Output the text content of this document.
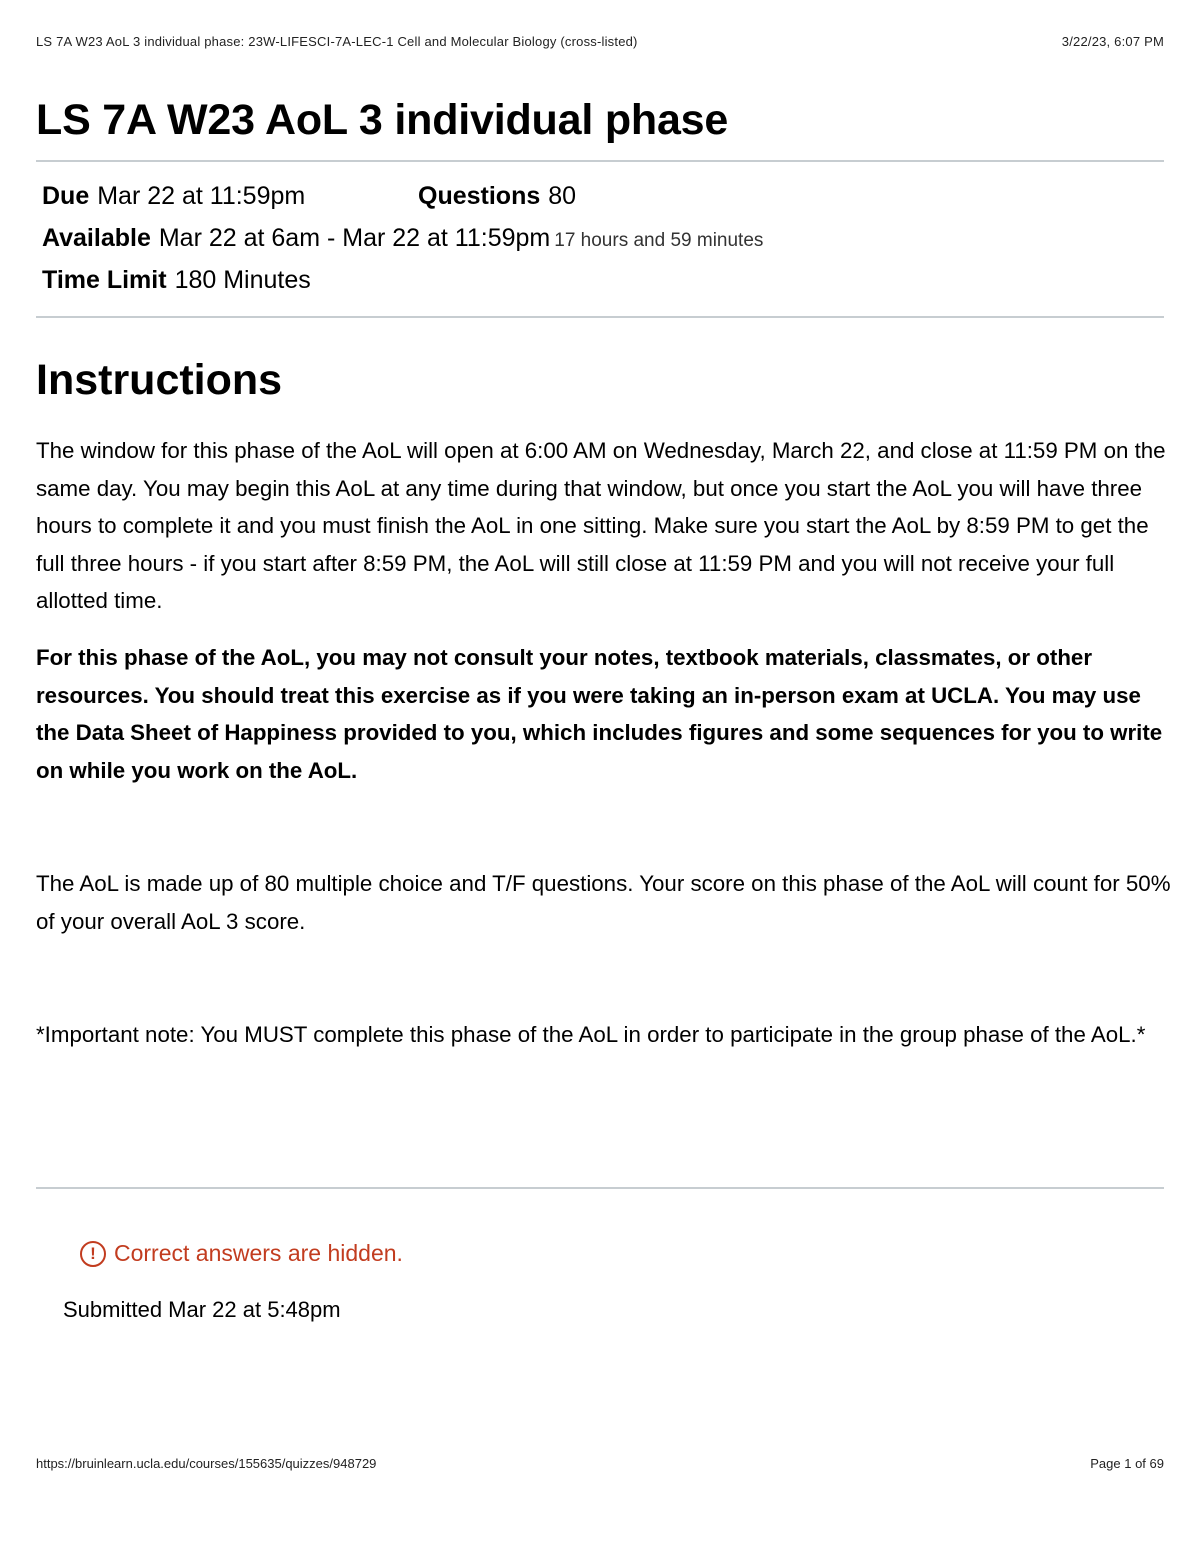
LS 7A W23 AoL 3 individual phase: 23W-LIFESCI-7A-LEC-1 Cell and Molecular Biology (cross-listed)	3/22/23, 6:07 PM
LS 7A W23 AoL 3 individual phase
Due Mar 22 at 11:59pm	Questions 80
Available Mar 22 at 6am - Mar 22 at 11:59pm 17 hours and 59 minutes
Time Limit 180 Minutes
Instructions

The window for this phase of the AoL will open at 6:00 AM on Wednesday, March 22, and close at 11:59 PM on the same day. You may begin this AoL at any time during that window, but once you start the AoL you will have three hours to complete it and you must finish the AoL in one sitting. Make sure you start the AoL by 8:59 PM to get the full three hours - if you start after 8:59 PM, the AoL will still close at 11:59 PM and you will not receive your full allotted time.

For this phase of the AoL, you may not consult your notes, textbook materials, classmates, or other resources. You should treat this exercise as if you were taking an in-person exam at UCLA. You may use the Data Sheet of Happiness provided to you, which includes figures and some sequences for you to write on while you work on the AoL.

The AoL is made up of 80 multiple choice and T/F questions. Your score on this phase of the AoL will count for 50% of your overall AoL 3 score.

*Important note: You MUST complete this phase of the AoL in order to participate in the group phase of the AoL.*

! Correct answers are hidden.
Submitted Mar 22 at 5:48pm
https://bruinlearn.ucla.edu/courses/155635/quizzes/948729	Page 1 of 69
